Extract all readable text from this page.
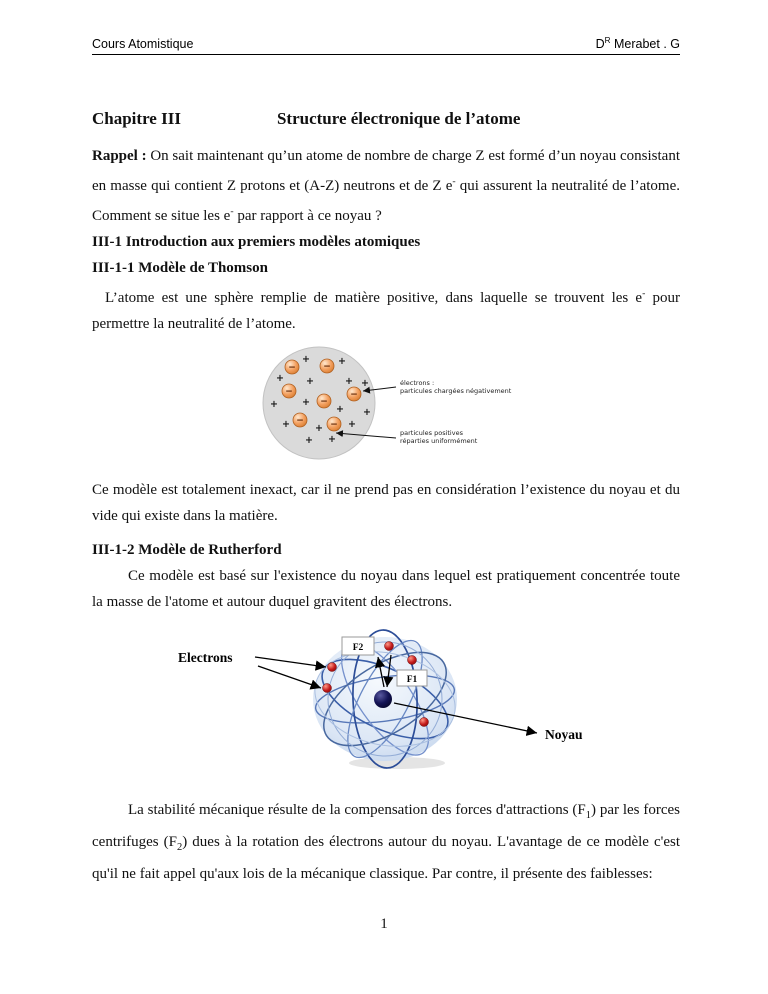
Cours Atomistique	$D^R$ Merabet . G
Chapitre III	Structure électronique de l’atome

Rappel : On sait maintenant qu’un atome de nombre de charge Z est formé d’un noyau consistant en masse qui contient Z protons et (A-Z) neutrons et de Z e- qui assurent la neutralité de l’atome. Comment se situe les e- par rapport à ce noyau ?

III-1 Introduction aux premiers modèles atomiques

III-1-1 Modèle de Thomson

L’atome est une sphère remplie de matière positive, dans laquelle se trouvent les e- pour permettre la neutralité de l’atome.

+	+
+ +	+ +
+	+
+ +
+	+
+
+ +
−	−
−
−
−
−	−
électrons :
particules chargées négativement
particules positives
réparties uniformément

Ce modèle est totalement inexact, car il ne prend pas en considération l’existence du noyau et du vide qui existe dans la matière.

III-1-2 Modèle de Rutherford

Ce modèle est basé sur l'existence du noyau dans lequel est pratiquement concentrée toute la masse de l'atome et autour duquel gravitent des électrons.

F2
F1
Electrons
Noyau

La stabilité mécanique résulte de la compensation des forces d'attractions $(F_1)$ par les forces centrifuges $(F_2)$ dues à la rotation des électrons autour du noyau. L'avantage de ce modèle c'est qu'il ne fait appel qu'aux lois de la mécanique classique. Par contre, il présente des faiblesses:

1
